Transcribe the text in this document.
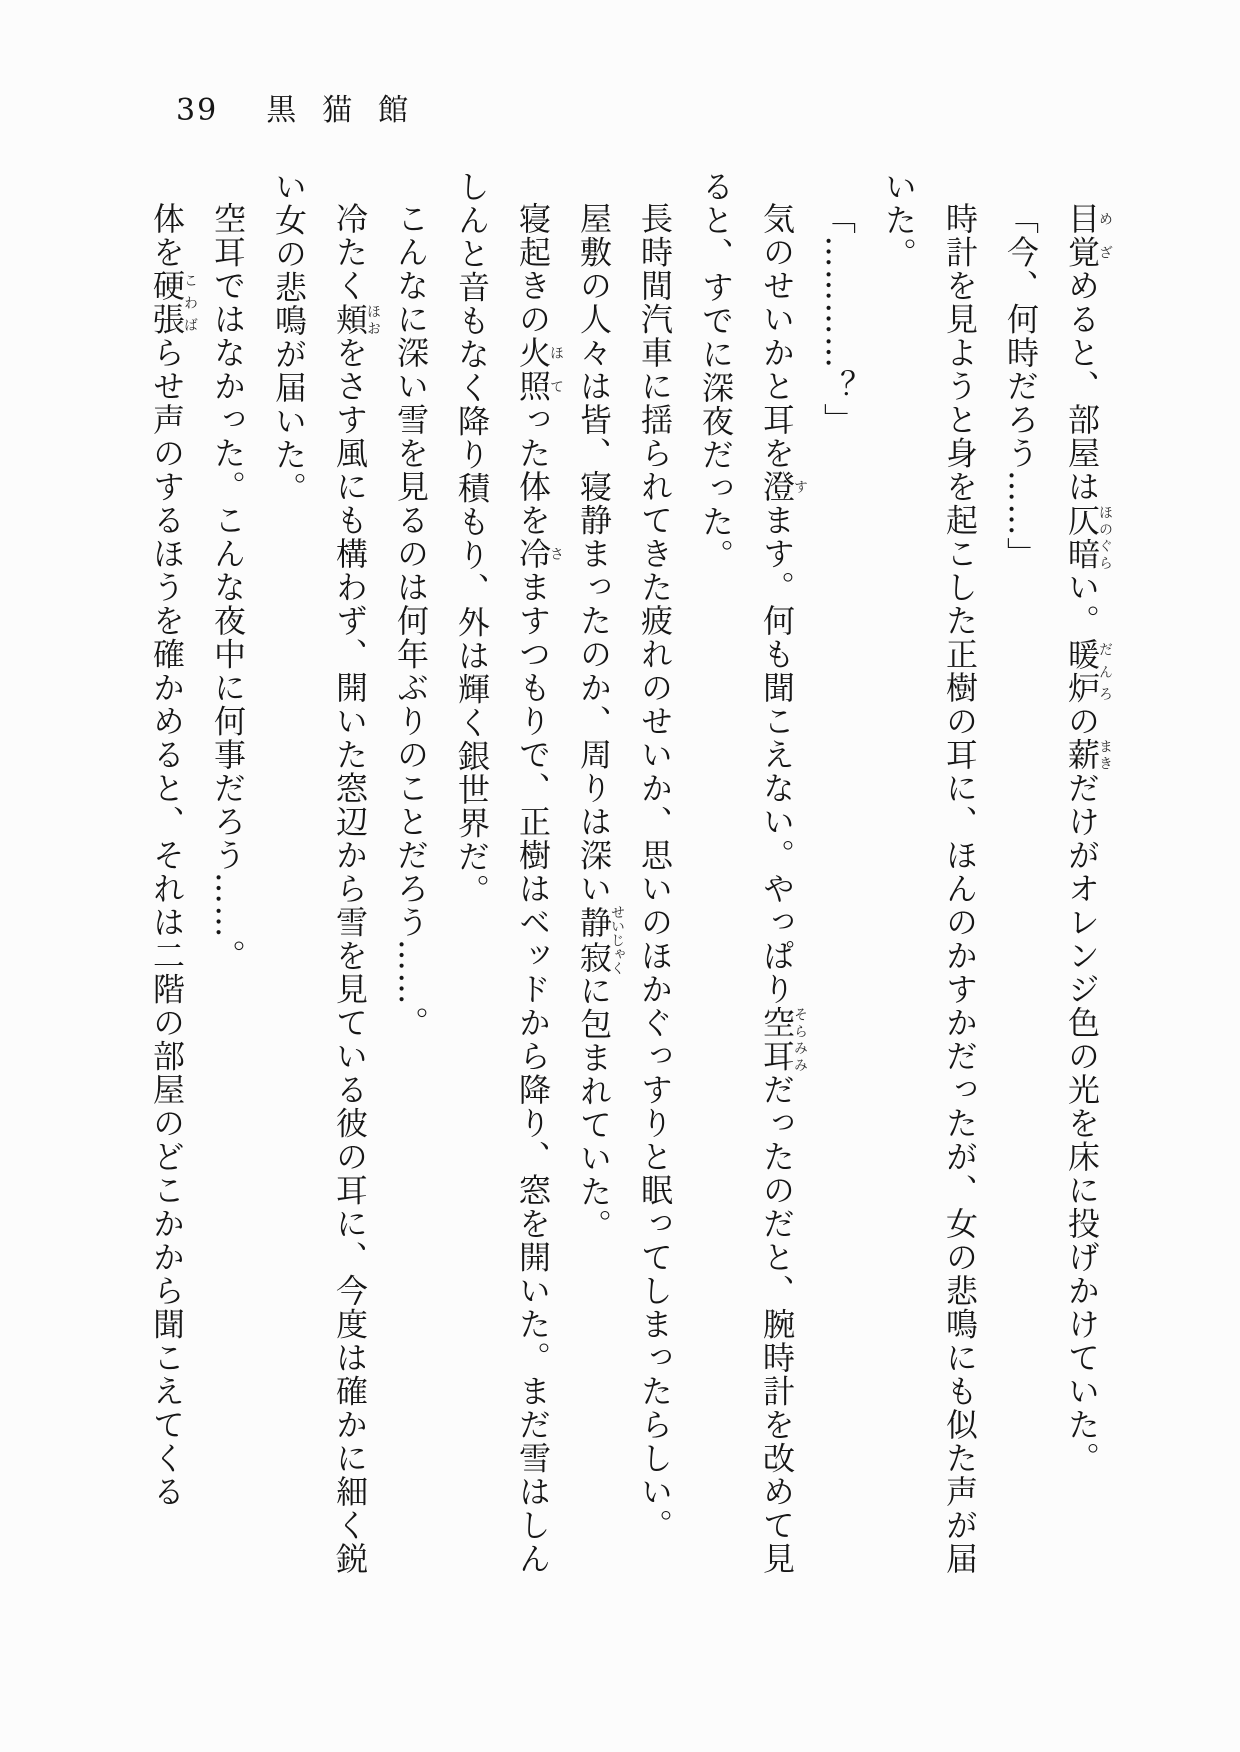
39 黒猫館

目覚めざめると、部屋は仄暗ほのぐらい。暖炉だんろの薪まきだけがオレンジ色の光を床に投げかけていた。

「今、何時だろう……」

時計を見ようと身を起こした正樹の耳に、ほんのかすかだったが、女の悲鳴にも似た声が届いた。

「…………？」

気のせいかと耳を澄すます。何も聞こえない。やっぱり空耳そらみみだったのだと、腕時計を改めて見ると、すでに深夜だった。

長時間汽車に揺られてきた疲れのせいか、思いのほかぐっすりと眠ってしまったらしい。

屋敷の人々は皆、寝静まったのか、周りは深い静寂せいじゃくに包まれていた。

寝起きの火照ほてった体を冷さますつもりで、正樹はベッドから降り、窓を開いた。まだ雪はしんしんと音もなく降り積もり、外は輝く銀世界だ。

こんなに深い雪を見るのは何年ぶりのことだろう……。

冷たく頬ほおをさす風にも構わず、開いた窓辺から雪を見ている彼の耳に、今度は確かに細く鋭い女の悲鳴が届いた。

空耳ではなかった。こんな夜中に何事だろう……。

体を硬張こわばらせ声のするほうを確かめると、それは二階の部屋のどこかから聞こえてくる
